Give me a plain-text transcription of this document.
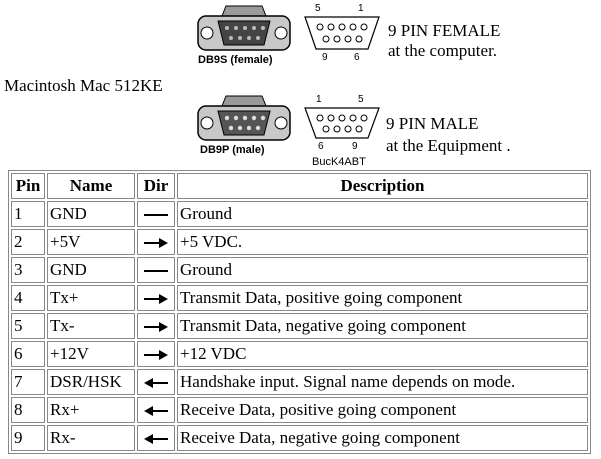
DB9S (female)
5	1
9	6
9 PIN FEMALE
at the computer.
Macintosh Mac 512KE
DB9P (male)
1	5
6	9
BucK4ABT
9 PIN MALE
at the Equipment .
Pin	Name	Dir	Description
1	GND		Ground
2	+5V		+5 VDC.
3	GND		Ground
4	Tx+		Transmit Data, positive going component
5	Tx-		Transmit Data, negative going component
6	+12V		+12 VDC
7	DSR/HSK		Handshake input. Signal name depends on mode.
8	Rx+		Receive Data, positive going component
9	Rx-		Receive Data, negative going component
